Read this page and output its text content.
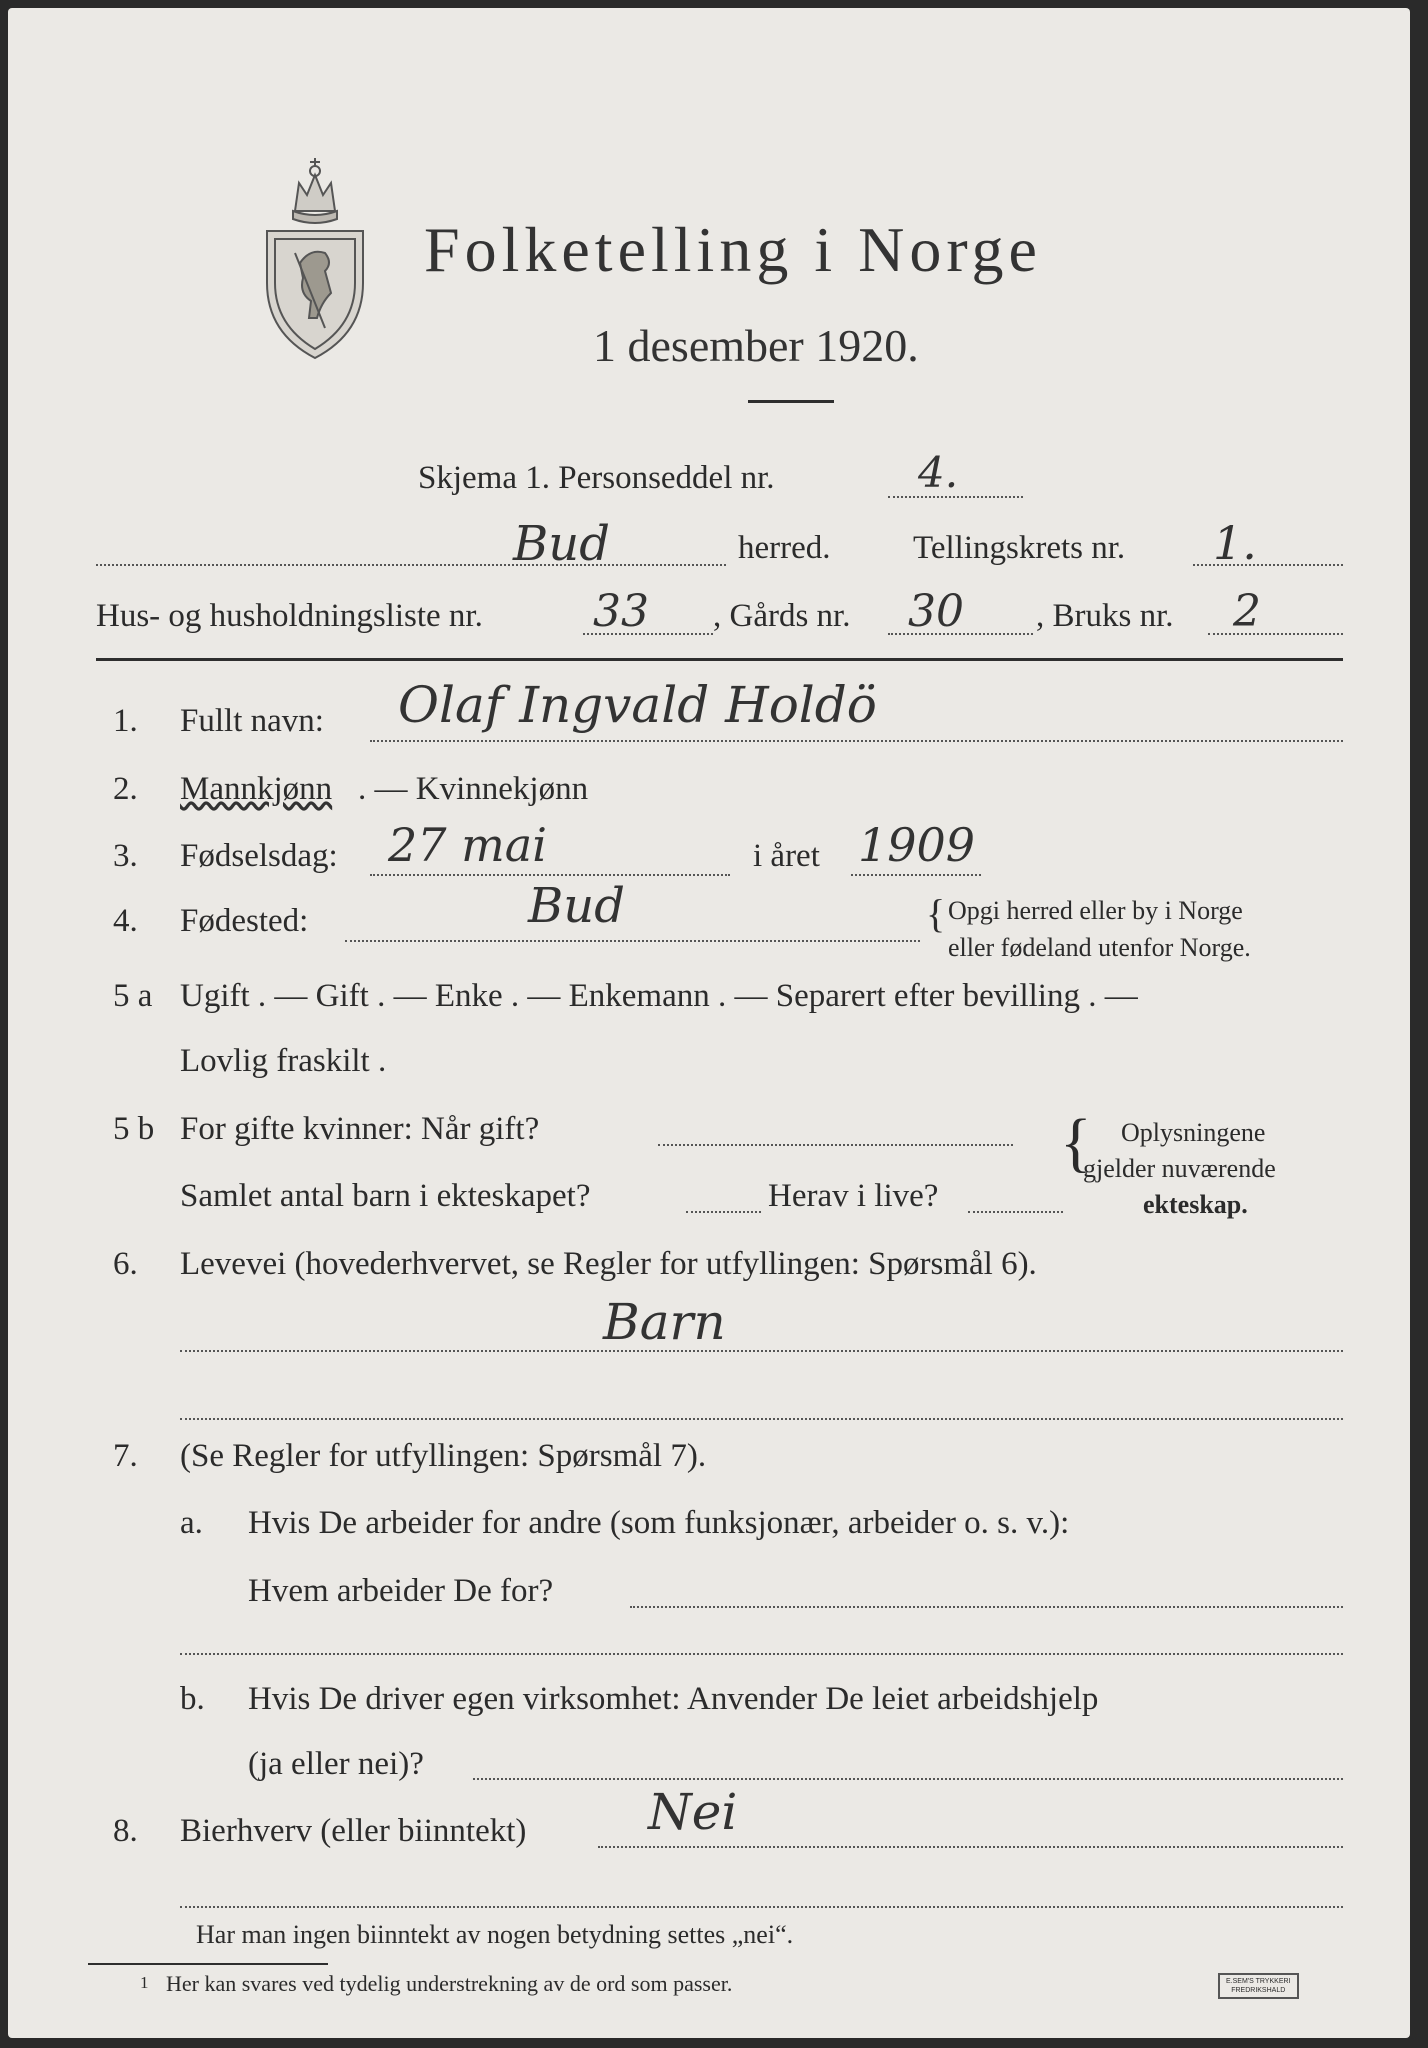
Folketelling i Norge
1 desember 1920.
Skjema 1. Personseddel nr.	4.
Bud	herred. Tellingskrets nr. 1.
Hus- og husholdningsliste nr.	33 , Gårds nr. 30 , Bruks nr. 2
1. Fullt navn: Olaf Ingvald Holdö
2. Mannkjønn . — Kvinnekjønn
3. Fødselsdag: 27 mai	i året 1909
4. Fødested:	Bud	{ Opgi herred eller by i Norge
eller fødeland utenfor Norge.
5 a Ugift . — Gift . — Enke . — Enkemann . — Separert efter bevilling . —
Lovlig fraskilt .
5 b For gifte kvinner: Når gift?
Samlet antal barn i ekteskapet?	Herav i live?
{ Oplysningene
gjelder nuværende
ekteskap.
6. Levevei (hovederhvervet, se Regler for utfyllingen: Spørsmål 6).
Barn
7. (Se Regler for utfyllingen: Spørsmål 7).
a. Hvis De arbeider for andre (som funksjonær, arbeider o. s. v.):
Hvem arbeider De for?
b. Hvis De driver egen virksomhet: Anvender De leiet arbeidshjelp
(ja eller nei)?
8. Bierhverv (eller biinntekt) Nei
Har man ingen biinntekt av nogen betydning settes „nei“.
1 Her kan svares ved tydelig understrekning av de ord som passer.	E.SEM'S TRYKKERI
FREDRIKSHALD
